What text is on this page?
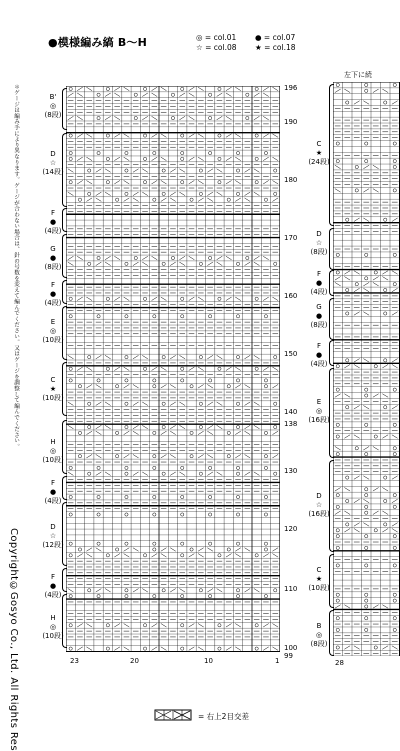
●模様編み縞 B〜H	◎ = col.01 ● = col.07
☆ = col.08 ★ = col.18
＊ゲージは編み手により異なります。ゲージが合わない場合は、針の号数を変えて編んでください。又はゲージを調整して編んでください。
Copyright©Gosyo Co., Ltd. All Rights Res
B'
◎
(8段)
D
☆
(14段)
F
●
(4段)
G
●
(8段)
F
●
(4段)
E
◎
(10段)
C
★
(10段)
H
◎
(10段)
F
●
(4段)
D
☆
(12段)
F
●
(4段)
H
◎
(10段)
196
190
180
170
160
150
140
138
130
120
110
100
99
23	20	10	1
左下に続
C
★
(24段)
D
☆
(8段)
F
●
(4段)
G
●
(8段)
F
●
(4段)
E
◎
(16段)
D
☆
(16段)
C
★
(10段)
B
◎
(8段)
28
= 右上2目交差
